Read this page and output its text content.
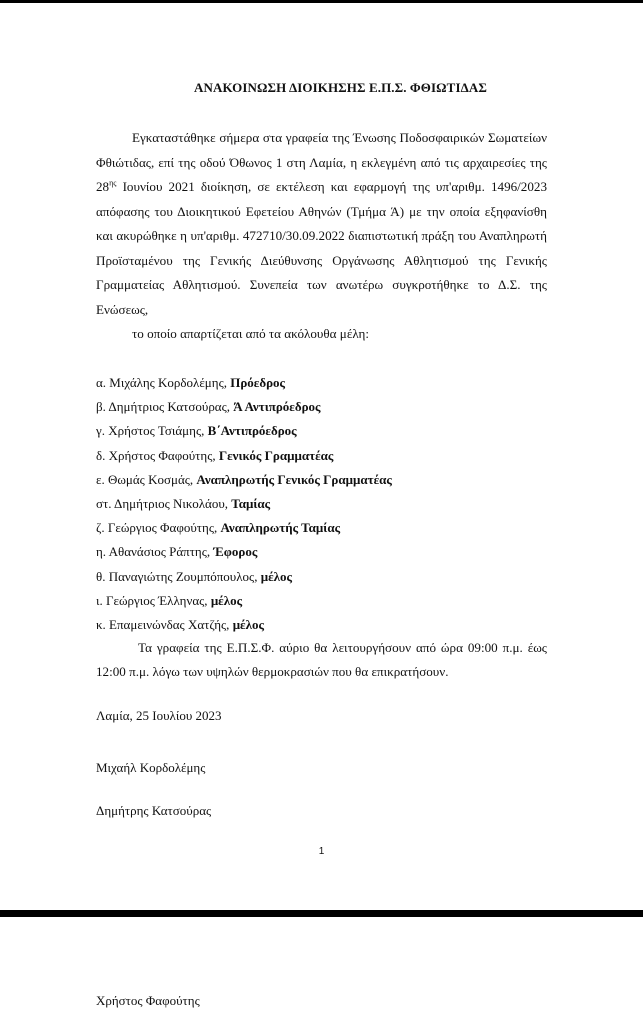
ΑΝΑΚΟΙΝΩΣΗ ΔΙΟΙΚΗΣΗΣ Ε.Π.Σ. ΦΘΙΩΤΙΔΑΣ

Εγκαταστάθηκε σήμερα στα γραφεία της Ένωσης Ποδοσφαιρικών Σωματείων Φθιώτιδας, επί της οδού Όθωνος 1 στη Λαμία, η εκλεγμένη από τις αρχαιρεσίες της $28^{\eta\varsigma}$ Ιουνίου 2021 διοίκηση, σε εκτέλεση και εφαρμογή της υπ'αριθμ. 1496/2023 απόφασης του Διοικητικού Εφετείου Αθηνών (Τμήμα Ά) με την οποία εξηφανίσθη και ακυρώθηκε η υπ'αριθμ. 472710/30.09.2022 διαπιστωτική πράξη του Αναπληρωτή Προϊσταμένου της Γενικής Διεύθυνσης Οργάνωσης Αθλητισμού της Γενικής Γραμματείας Αθλητισμού. Συνεπεία των ανωτέρω συγκροτήθηκε το Δ.Σ. της Ενώσεως,
το οποίο απαρτίζεται από τα ακόλουθα μέλη:

α. Μιχάλης Κορδολέμης, Πρόεδρος
β. Δημήτριος Κατσούρας, Ά Αντιπρόεδρος
γ. Χρήστος Τσιάμης, Β΄Αντιπρόεδρος
δ. Χρήστος Φαφούτης, Γενικός Γραμματέας
ε. Θωμάς Κοσμάς, Αναπληρωτής Γενικός Γραμματέας
στ. Δημήτριος Νικολάου, Ταμίας
ζ. Γεώργιος Φαφούτης, Αναπληρωτής Ταμίας
η. Αθανάσιος Ράπτης, Έφορος
θ. Παναγιώτης Ζουμπόπουλος, μέλος
ι. Γεώργιος Έλληνας, μέλος
κ. Επαμεινώνδας Χατζής, μέλος

Τα γραφεία της Ε.Π.Σ.Φ. αύριο θα λειτουργήσουν από ώρα 09:00 π.μ. έως 12:00 π.μ. λόγω των υψηλών θερμοκρασιών που θα επικρατήσουν.

Λαμία, 25 Ιουλίου 2023

Μιχαήλ Κορδολέμης

Δημήτρης Κατσούρας

1

Χρήστος Φαφούτης
